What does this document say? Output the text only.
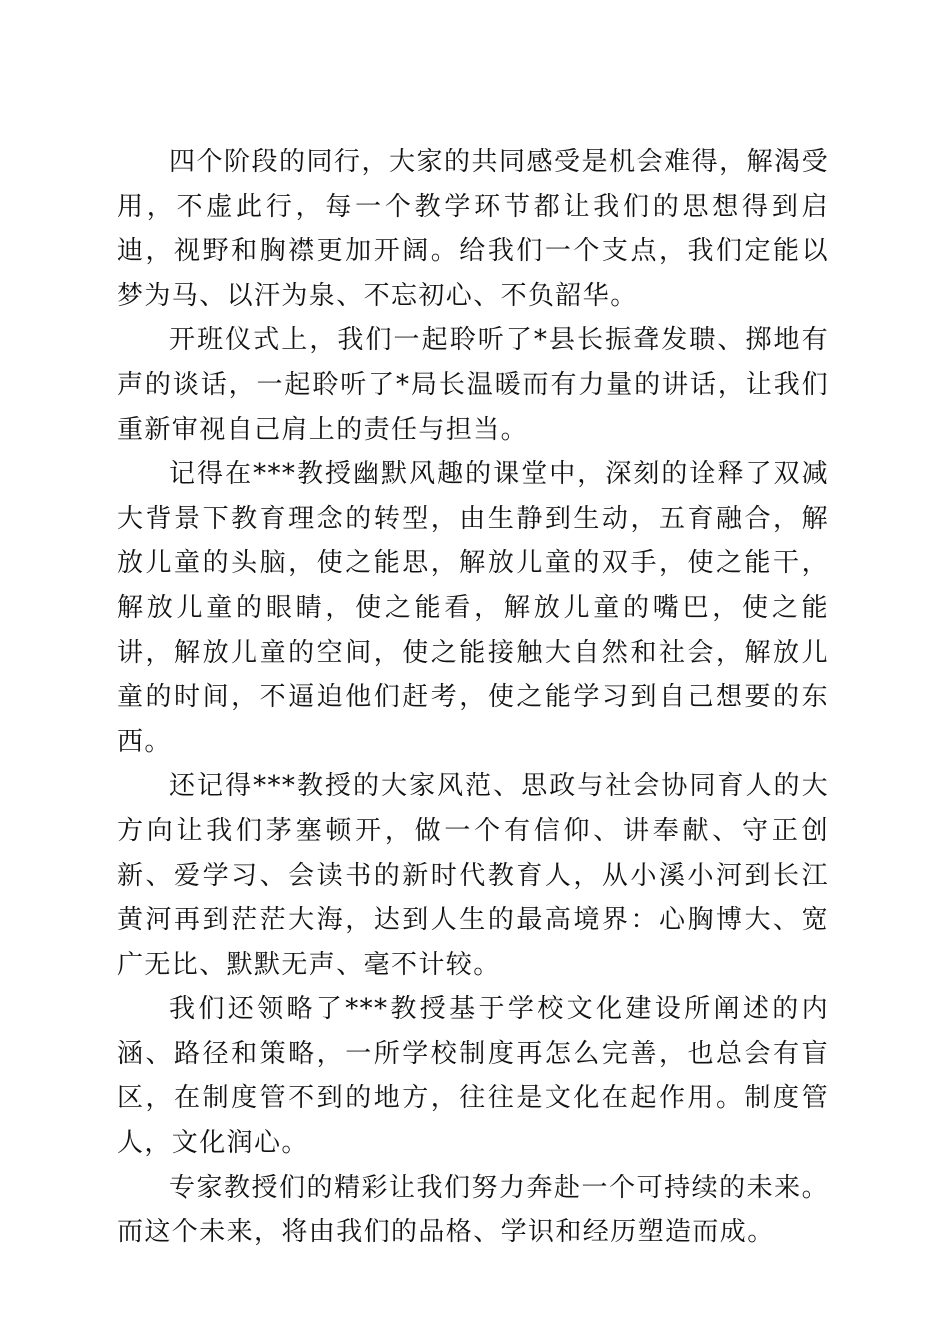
四个阶段的同行，大家的共同感受是机会难得，解渴受用，不虚此行，每一个教学环节都让我们的思想得到启迪，视野和胸襟更加开阔。给我们一个支点，我们定能以梦为马、以汗为泉、不忘初心、不负韶华。

开班仪式上，我们一起聆听了*县长振聋发聩、掷地有声的谈话，一起聆听了*局长温暖而有力量的讲话，让我们重新审视自己肩上的责任与担当。

记得在***教授幽默风趣的课堂中，深刻的诠释了双减大背景下教育理念的转型，由生静到生动，五育融合，解放儿童的头脑，使之能思，解放儿童的双手，使之能干，解放儿童的眼睛，使之能看，解放儿童的嘴巴，使之能讲，解放儿童的空间，使之能接触大自然和社会，解放儿童的时间，不逼迫他们赶考，使之能学习到自己想要的东西。

还记得***教授的大家风范、思政与社会协同育人的大方向让我们茅塞顿开，做一个有信仰、讲奉献、守正创新、爱学习、会读书的新时代教育人，从小溪小河到长江黄河再到茫茫大海，达到人生的最高境界：心胸博大、宽广无比、默默无声、毫不计较。

我们还领略了***教授基于学校文化建设所阐述的内涵、路径和策略，一所学校制度再怎么完善，也总会有盲区，在制度管不到的地方，往往是文化在起作用。制度管人，文化润心。

专家教授们的精彩让我们努力奔赴一个可持续的未来。而这个未来，将由我们的品格、学识和经历塑造而成。
